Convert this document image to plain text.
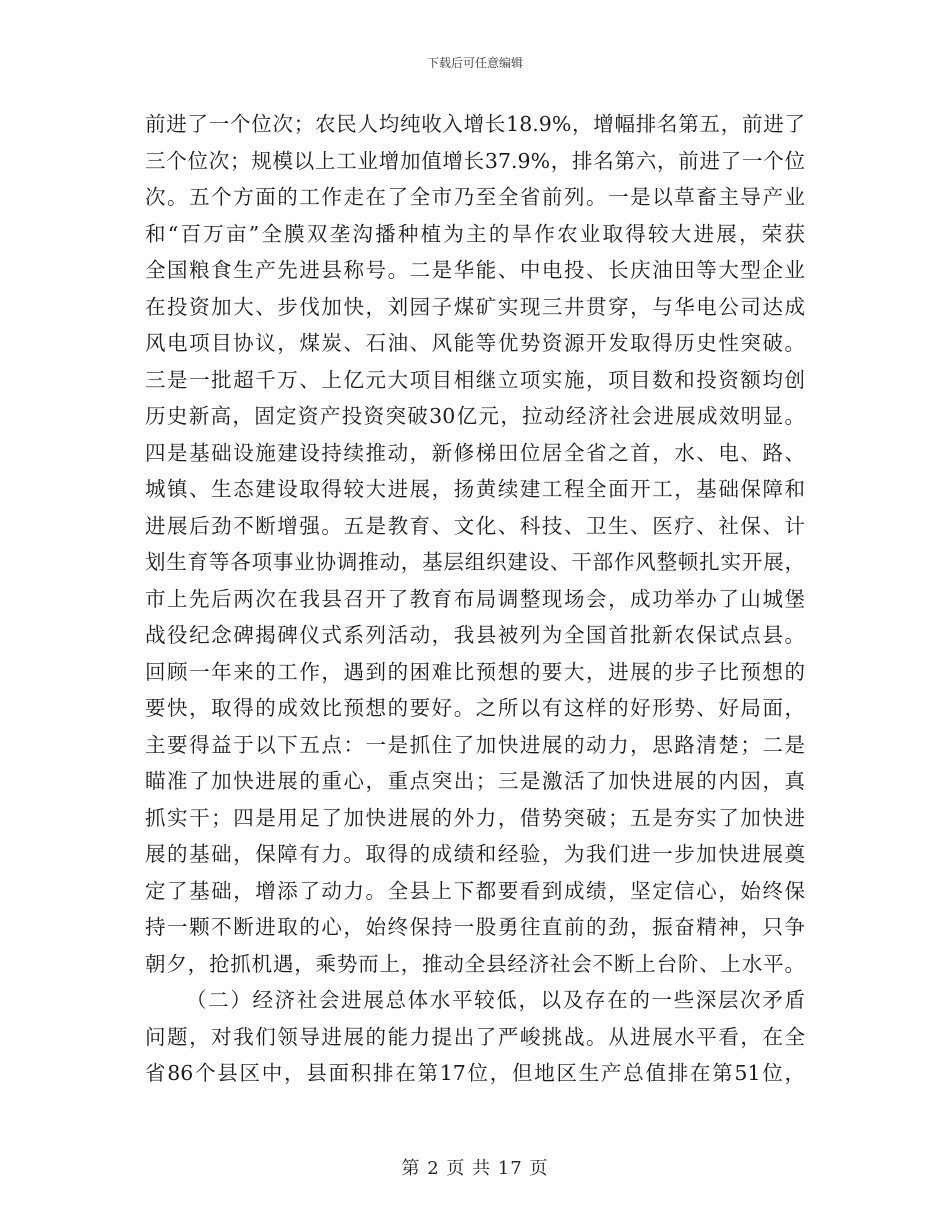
下载后可任意编辑
前进了一个位次；农民人均纯收入增长18.9%，增幅排名第五，前进了
三个位次；规模以上工业增加值增长37.9%，排名第六，前进了一个位
次。五个方面的工作走在了全市乃至全省前列。一是以草畜主导产业
和“百万亩”全膜双垄沟播种植为主的旱作农业取得较大进展，荣获
全国粮食生产先进县称号。二是华能、中电投、长庆油田等大型企业
在投资加大、步伐加快，刘园子煤矿实现三井贯穿，与华电公司达成
风电项目协议，煤炭、石油、风能等优势资源开发取得历史性突破。
三是一批超千万、上亿元大项目相继立项实施，项目数和投资额均创
历史新高，固定资产投资突破30亿元，拉动经济社会进展成效明显。
四是基础设施建设持续推动，新修梯田位居全省之首，水、电、路、
城镇、生态建设取得较大进展，扬黄续建工程全面开工，基础保障和
进展后劲不断增强。五是教育、文化、科技、卫生、医疗、社保、计
划生育等各项事业协调推动，基层组织建设、干部作风整顿扎实开展，
市上先后两次在我县召开了教育布局调整现场会，成功举办了山城堡
战役纪念碑揭碑仪式系列活动，我县被列为全国首批新农保试点县。
回顾一年来的工作，遇到的困难比预想的要大，进展的步子比预想的
要快，取得的成效比预想的要好。之所以有这样的好形势、好局面，
主要得益于以下五点：一是抓住了加快进展的动力，思路清楚；二是
瞄准了加快进展的重心，重点突出；三是激活了加快进展的内因，真
抓实干；四是用足了加快进展的外力，借势突破；五是夯实了加快进
展的基础，保障有力。取得的成绩和经验，为我们进一步加快进展奠
定了基础，增添了动力。全县上下都要看到成绩，坚定信心，始终保
持一颗不断进取的心，始终保持一股勇往直前的劲，振奋精神，只争
朝夕，抢抓机遇，乘势而上，推动全县经济社会不断上台阶、上水平。
（二）经济社会进展总体水平较低，以及存在的一些深层次矛盾
问题，对我们领导进展的能力提出了严峻挑战。从进展水平看，在全
省86个县区中，县面积排在第17位，但地区生产总值排在第51位，
第 2 页 共 17 页
